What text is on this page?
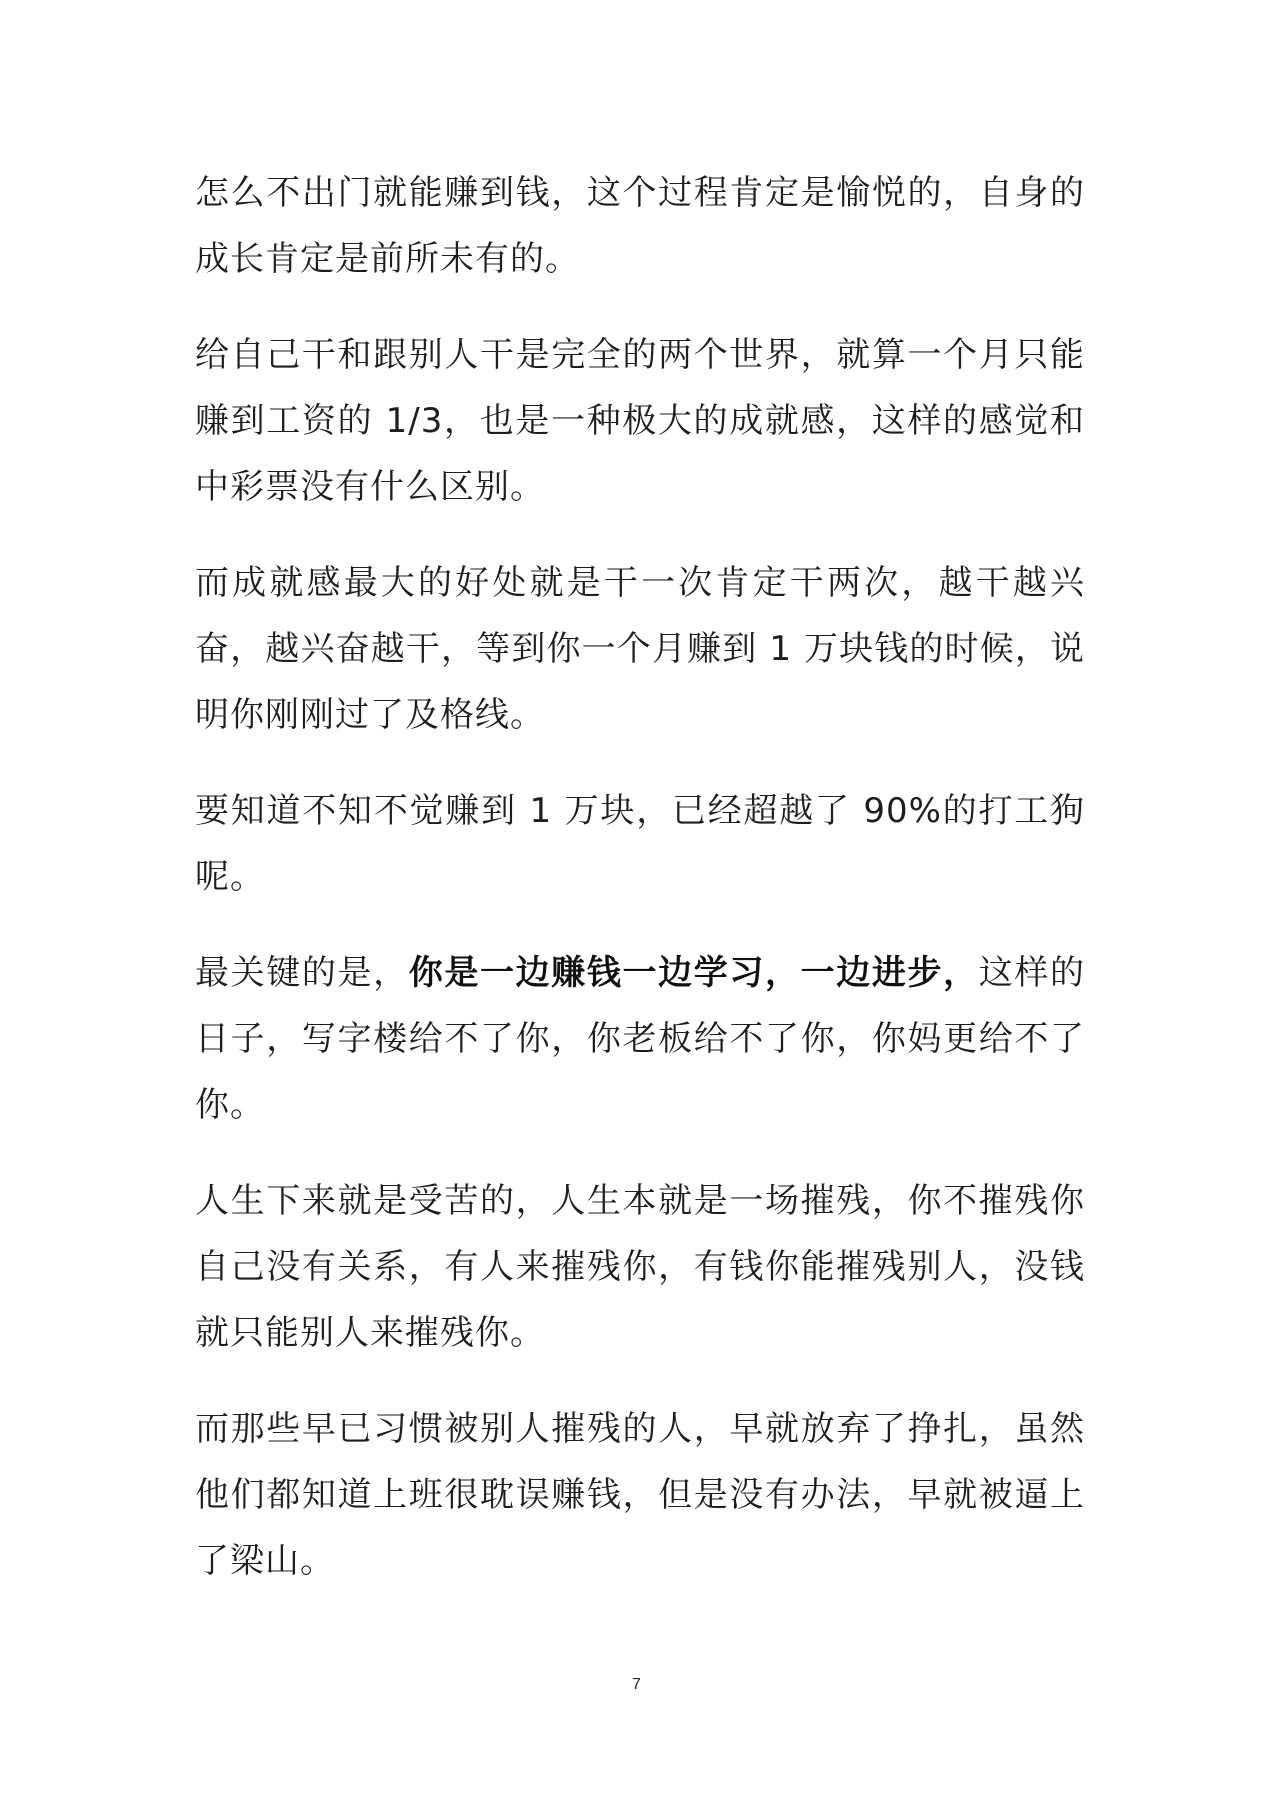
怎么不出门就能赚到钱，这个过程肯定是愉悦的，自身的成长肯定是前所未有的。

给自己干和跟别人干是完全的两个世界，就算一个月只能赚到工资的 1/3，也是一种极大的成就感，这样的感觉和中彩票没有什么区别。

而成就感最大的好处就是干一次肯定干两次，越干越兴奋，越兴奋越干，等到你一个月赚到 1 万块钱的时候，说明你刚刚过了及格线。

要知道不知不觉赚到 1 万块，已经超越了 90%的打工狗呢。

最关键的是，你是一边赚钱一边学习，一边进步，这样的日子，写字楼给不了你，你老板给不了你，你妈更给不了你。

人生下来就是受苦的，人生本就是一场摧残，你不摧残你自己没有关系，有人来摧残你，有钱你能摧残别人，没钱就只能别人来摧残你。

而那些早已习惯被别人摧残的人，早就放弃了挣扎，虽然他们都知道上班很耽误赚钱，但是没有办法，早就被逼上了梁山。

7
